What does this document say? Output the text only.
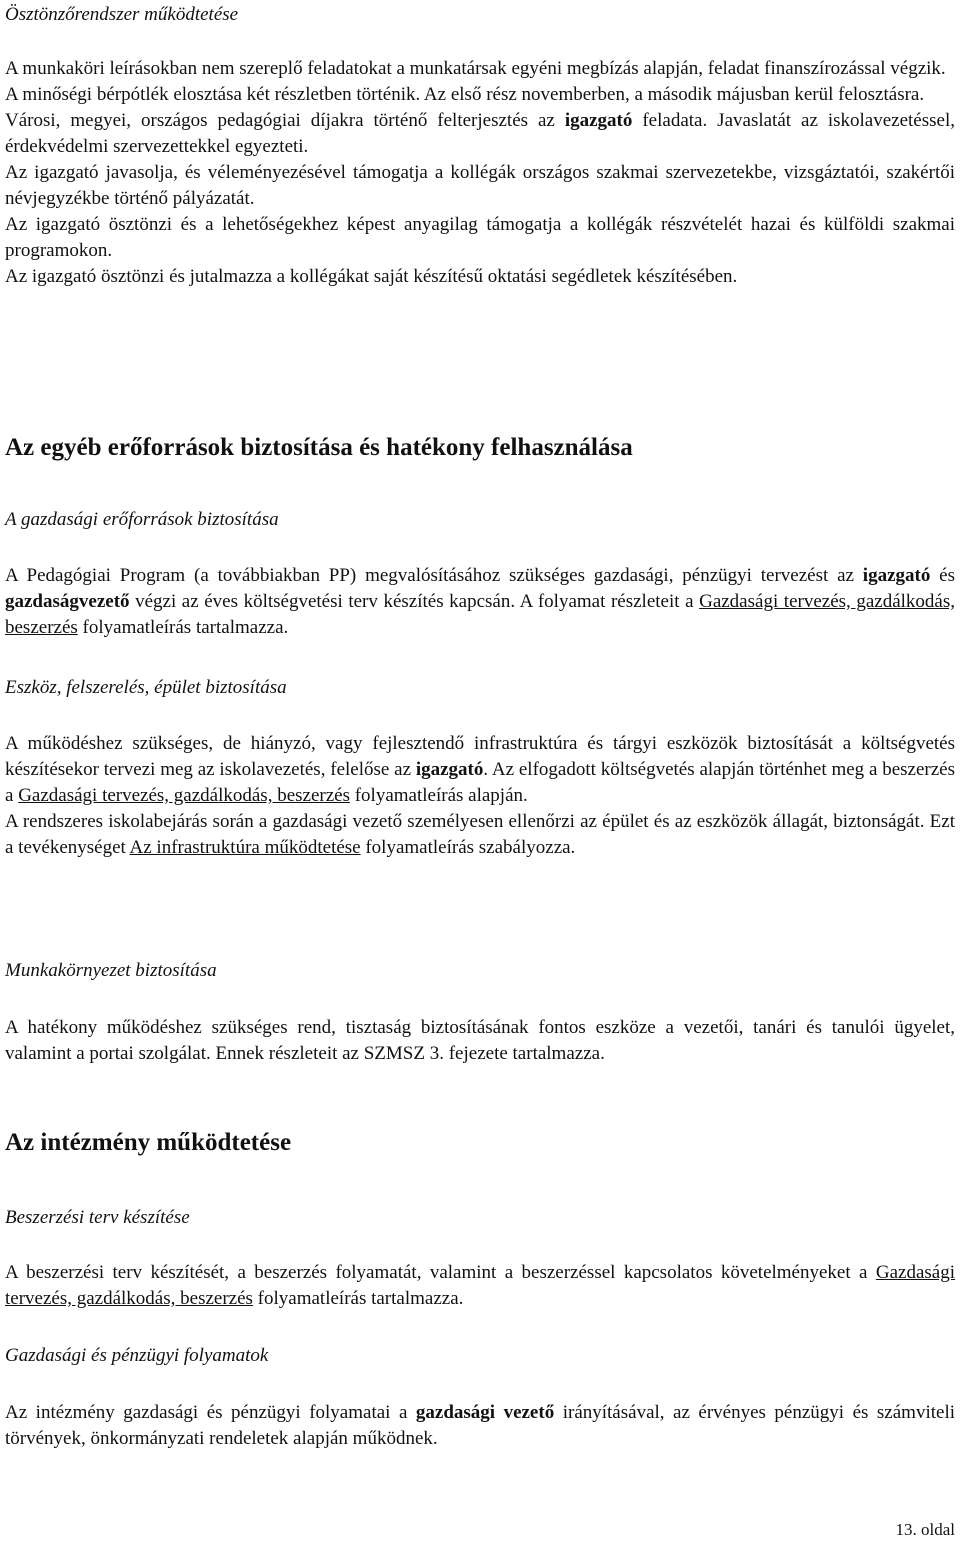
Ösztönzőrendszer működtetése

A munkaköri leírásokban nem szereplő feladatokat a munkatársak egyéni megbízás alapján, feladat finanszírozással végzik.

A minőségi bérpótlék elosztása két részletben történik. Az első rész novemberben, a második májusban kerül felosztásra.

Városi, megyei, országos pedagógiai díjakra történő felterjesztés az igazgató feladata. Javaslatát az iskolavezetéssel, érdekvédelmi szervezettekkel egyezteti.

Az igazgató javasolja, és véleményezésével támogatja a kollégák országos szakmai szervezetekbe, vizsgáztatói, szakértői névjegyzékbe történő pályázatát.

Az igazgató ösztönzi és a lehetőségekhez képest anyagilag támogatja a kollégák részvételét hazai és külföldi szakmai programokon.

Az igazgató ösztönzi és jutalmazza a kollégákat saját készítésű oktatási segédletek készítésében.

Az egyéb erőforrások biztosítása és hatékony felhasználása

A gazdasági erőforrások biztosítása

A Pedagógiai Program (a továbbiakban PP) megvalósításához szükséges gazdasági, pénzügyi tervezést az igazgató és gazdaságvezető végzi az éves költségvetési terv készítés kapcsán. A folyamat részleteit a Gazdasági tervezés, gazdálkodás, beszerzés folyamatleírás tartalmazza.

Eszköz, felszerelés, épület biztosítása

A működéshez szükséges, de hiányzó, vagy fejlesztendő infrastruktúra és tárgyi eszközök biztosítását a költségvetés készítésekor tervezi meg az iskolavezetés, felelőse az igazgató. Az elfogadott költségvetés alapján történhet meg a beszerzés a Gazdasági tervezés, gazdálkodás, beszerzés folyamatleírás alapján.

A rendszeres iskolabejárás során a gazdasági vezető személyesen ellenőrzi az épület és az eszközök állagát, biztonságát. Ezt a tevékenységet Az infrastruktúra működtetése folyamatleírás szabályozza.

Munkakörnyezet biztosítása

A hatékony működéshez szükséges rend, tisztaság biztosításának fontos eszköze a vezetői, tanári és tanulói ügyelet, valamint a portai szolgálat. Ennek részleteit az SZMSZ 3. fejezete tartalmazza.

Az intézmény működtetése

Beszerzési terv készítése

A beszerzési terv készítését, a beszerzés folyamatát, valamint a beszerzéssel kapcsolatos követelményeket a Gazdasági tervezés, gazdálkodás, beszerzés folyamatleírás tartalmazza.

Gazdasági és pénzügyi folyamatok

Az intézmény gazdasági és pénzügyi folyamatai a gazdasági vezető irányításával, az érvényes pénzügyi és számviteli törvények, önkormányzati rendeletek alapján működnek.

13. oldal
